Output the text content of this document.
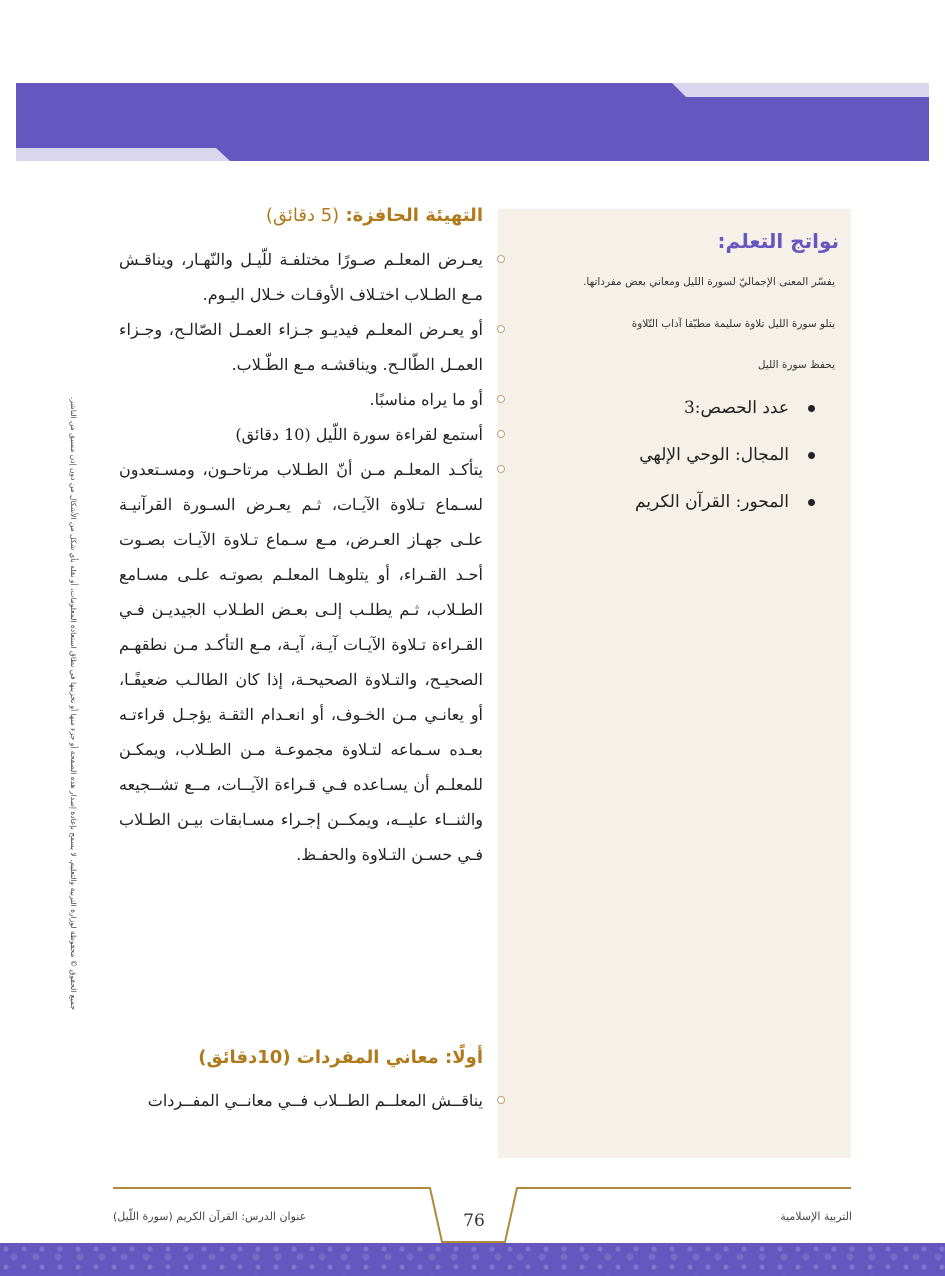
جميع الحقوق © محفوظة لوزارة التربية والتعليم. لا يسمح بإعادة إصدار هذه الصفحة أو جزء منها أو تخزينها في نطاق استعادة المعلومات، أو نقله بأي شكل من الأشكال من دون إذن مسبق من الناشر.
نواتج التعلم:

يفسّر المعنى الإجماليّ لسورة الليل ومعاني بعض مفرداتها.

يتلو سورة الليل تلاوة سليمة مطبّقا آداب التّلاوة

يحفظ سورة الليل

عدد الحصص:3
المجال: الوحي الإلهي
المحور: القرآن الكريم
التهيئة الحافزة: (5 دقائق)
يعـرض المعلـم صـورًا مختلفـة للّيـل والنّهـار، ويناقـش مـع الطـلاب اختـلاف الأوقـات خـلال اليـوم.
أو يعـرض المعلـم فيديـو جـزاء العمـل الصّالـح، وجـزاء العمـل الطّالـح. ويناقشـه مـع الطّـلاب.
أو ما يراه مناسبًا.
أستمع لقراءة سورة اللّيل (10 دقائق)
يتأكـد المعلـم مـن أنّ الطـلاب مرتاحـون، ومسـتعدون لسـماع تـلاوة الآيـات، ثـم يعـرض السـورة القرآنيـة علـى جهـاز العـرض، مـع سـماع تـلاوة الآيـات بصـوت أحـد القـراء، أو يتلوهـا المعلـم بصوتـه علـى مسـامع الطـلاب، ثـم يطلـب إلـى بعـض الطـلاب الجيديـن فـي القـراءة تـلاوة الآيـات آيـة، آيـة، مـع التأكـد مـن نطقهـم الصحيـح، والتـلاوة الصحيحـة، إذا كان الطالـب ضعيفًـا، أو يعانـي مـن الخـوف، أو انعـدام الثقـة يؤجـل قراءتـه بعـده سـماعه لتـلاوة مجموعـة مـن الطـلاب، ويمكـن للمعلـم أن يسـاعده فـي قـراءة الآيــات، مــع تشــجيعه والثنــاء عليــه، ويمكــن إجـراء مسـابقات بيـن الطـلاب فـي حسـن التـلاوة والحفـظ.
أولًا: معاني المفردات (10دقائق)
يناقــش المعلــم الطــلاب فــي معانــي المفــردات

عنوان الدرس: القرآن الكريم (سورة اللّيل)	76	التربية الإسلامية
